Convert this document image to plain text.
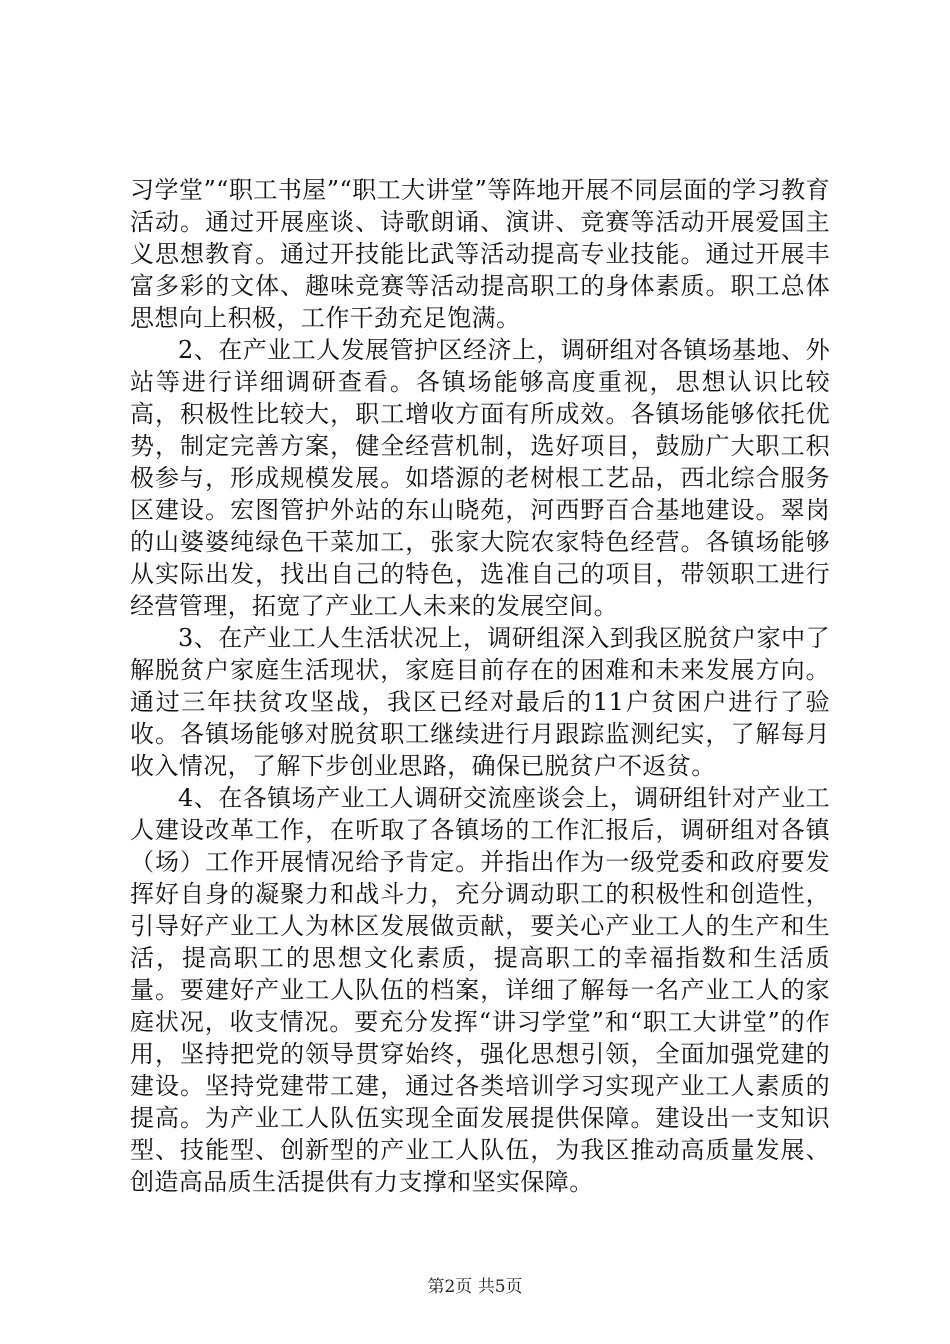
习学堂”“职工书屋”“职工大讲堂”等阵地开展不同层面的学习教育活动。通过开展座谈、诗歌朗诵、演讲、竞赛等活动开展爱国主义思想教育。通过开技能比武等活动提高专业技能。通过开展丰富多彩的文体、趣味竞赛等活动提高职工的身体素质。职工总体思想向上积极，工作干劲充足饱满。

2、在产业工人发展管护区经济上，调研组对各镇场基地、外站等进行详细调研查看。各镇场能够高度重视，思想认识比较高，积极性比较大，职工增收方面有所成效。各镇场能够依托优势，制定完善方案，健全经营机制，选好项目，鼓励广大职工积极参与，形成规模发展。如塔源的老树根工艺品，西北综合服务区建设。宏图管护外站的东山晓苑，河西野百合基地建设。翠岗的山婆婆纯绿色干菜加工，张家大院农家特色经营。各镇场能够从实际出发，找出自己的特色，选准自己的项目，带领职工进行经营管理，拓宽了产业工人未来的发展空间。

3、在产业工人生活状况上，调研组深入到我区脱贫户家中了解脱贫户家庭生活现状，家庭目前存在的困难和未来发展方向。通过三年扶贫攻坚战，我区已经对最后的11户贫困户进行了验收。各镇场能够对脱贫职工继续进行月跟踪监测纪实，了解每月收入情况，了解下步创业思路，确保已脱贫户不返贫。

4、在各镇场产业工人调研交流座谈会上，调研组针对产业工人建设改革工作，在听取了各镇场的工作汇报后，调研组对各镇（场）工作开展情况给予肯定。并指出作为一级党委和政府要发挥好自身的凝聚力和战斗力，充分调动职工的积极性和创造性，引导好产业工人为林区发展做贡献，要关心产业工人的生产和生活，提高职工的思想文化素质，提高职工的幸福指数和生活质量。要建好产业工人队伍的档案，详细了解每一名产业工人的家庭状况，收支情况。要充分发挥“讲习学堂”和“职工大讲堂”的作用，坚持把党的领导贯穿始终，强化思想引领，全面加强党建的建设。坚持党建带工建，通过各类培训学习实现产业工人素质的提高。为产业工人队伍实现全面发展提供保障。建设出一支知识型、技能型、创新型的产业工人队伍，为我区推动高质量发展、创造高品质生活提供有力支撑和坚实保障。

第2页 共5页
